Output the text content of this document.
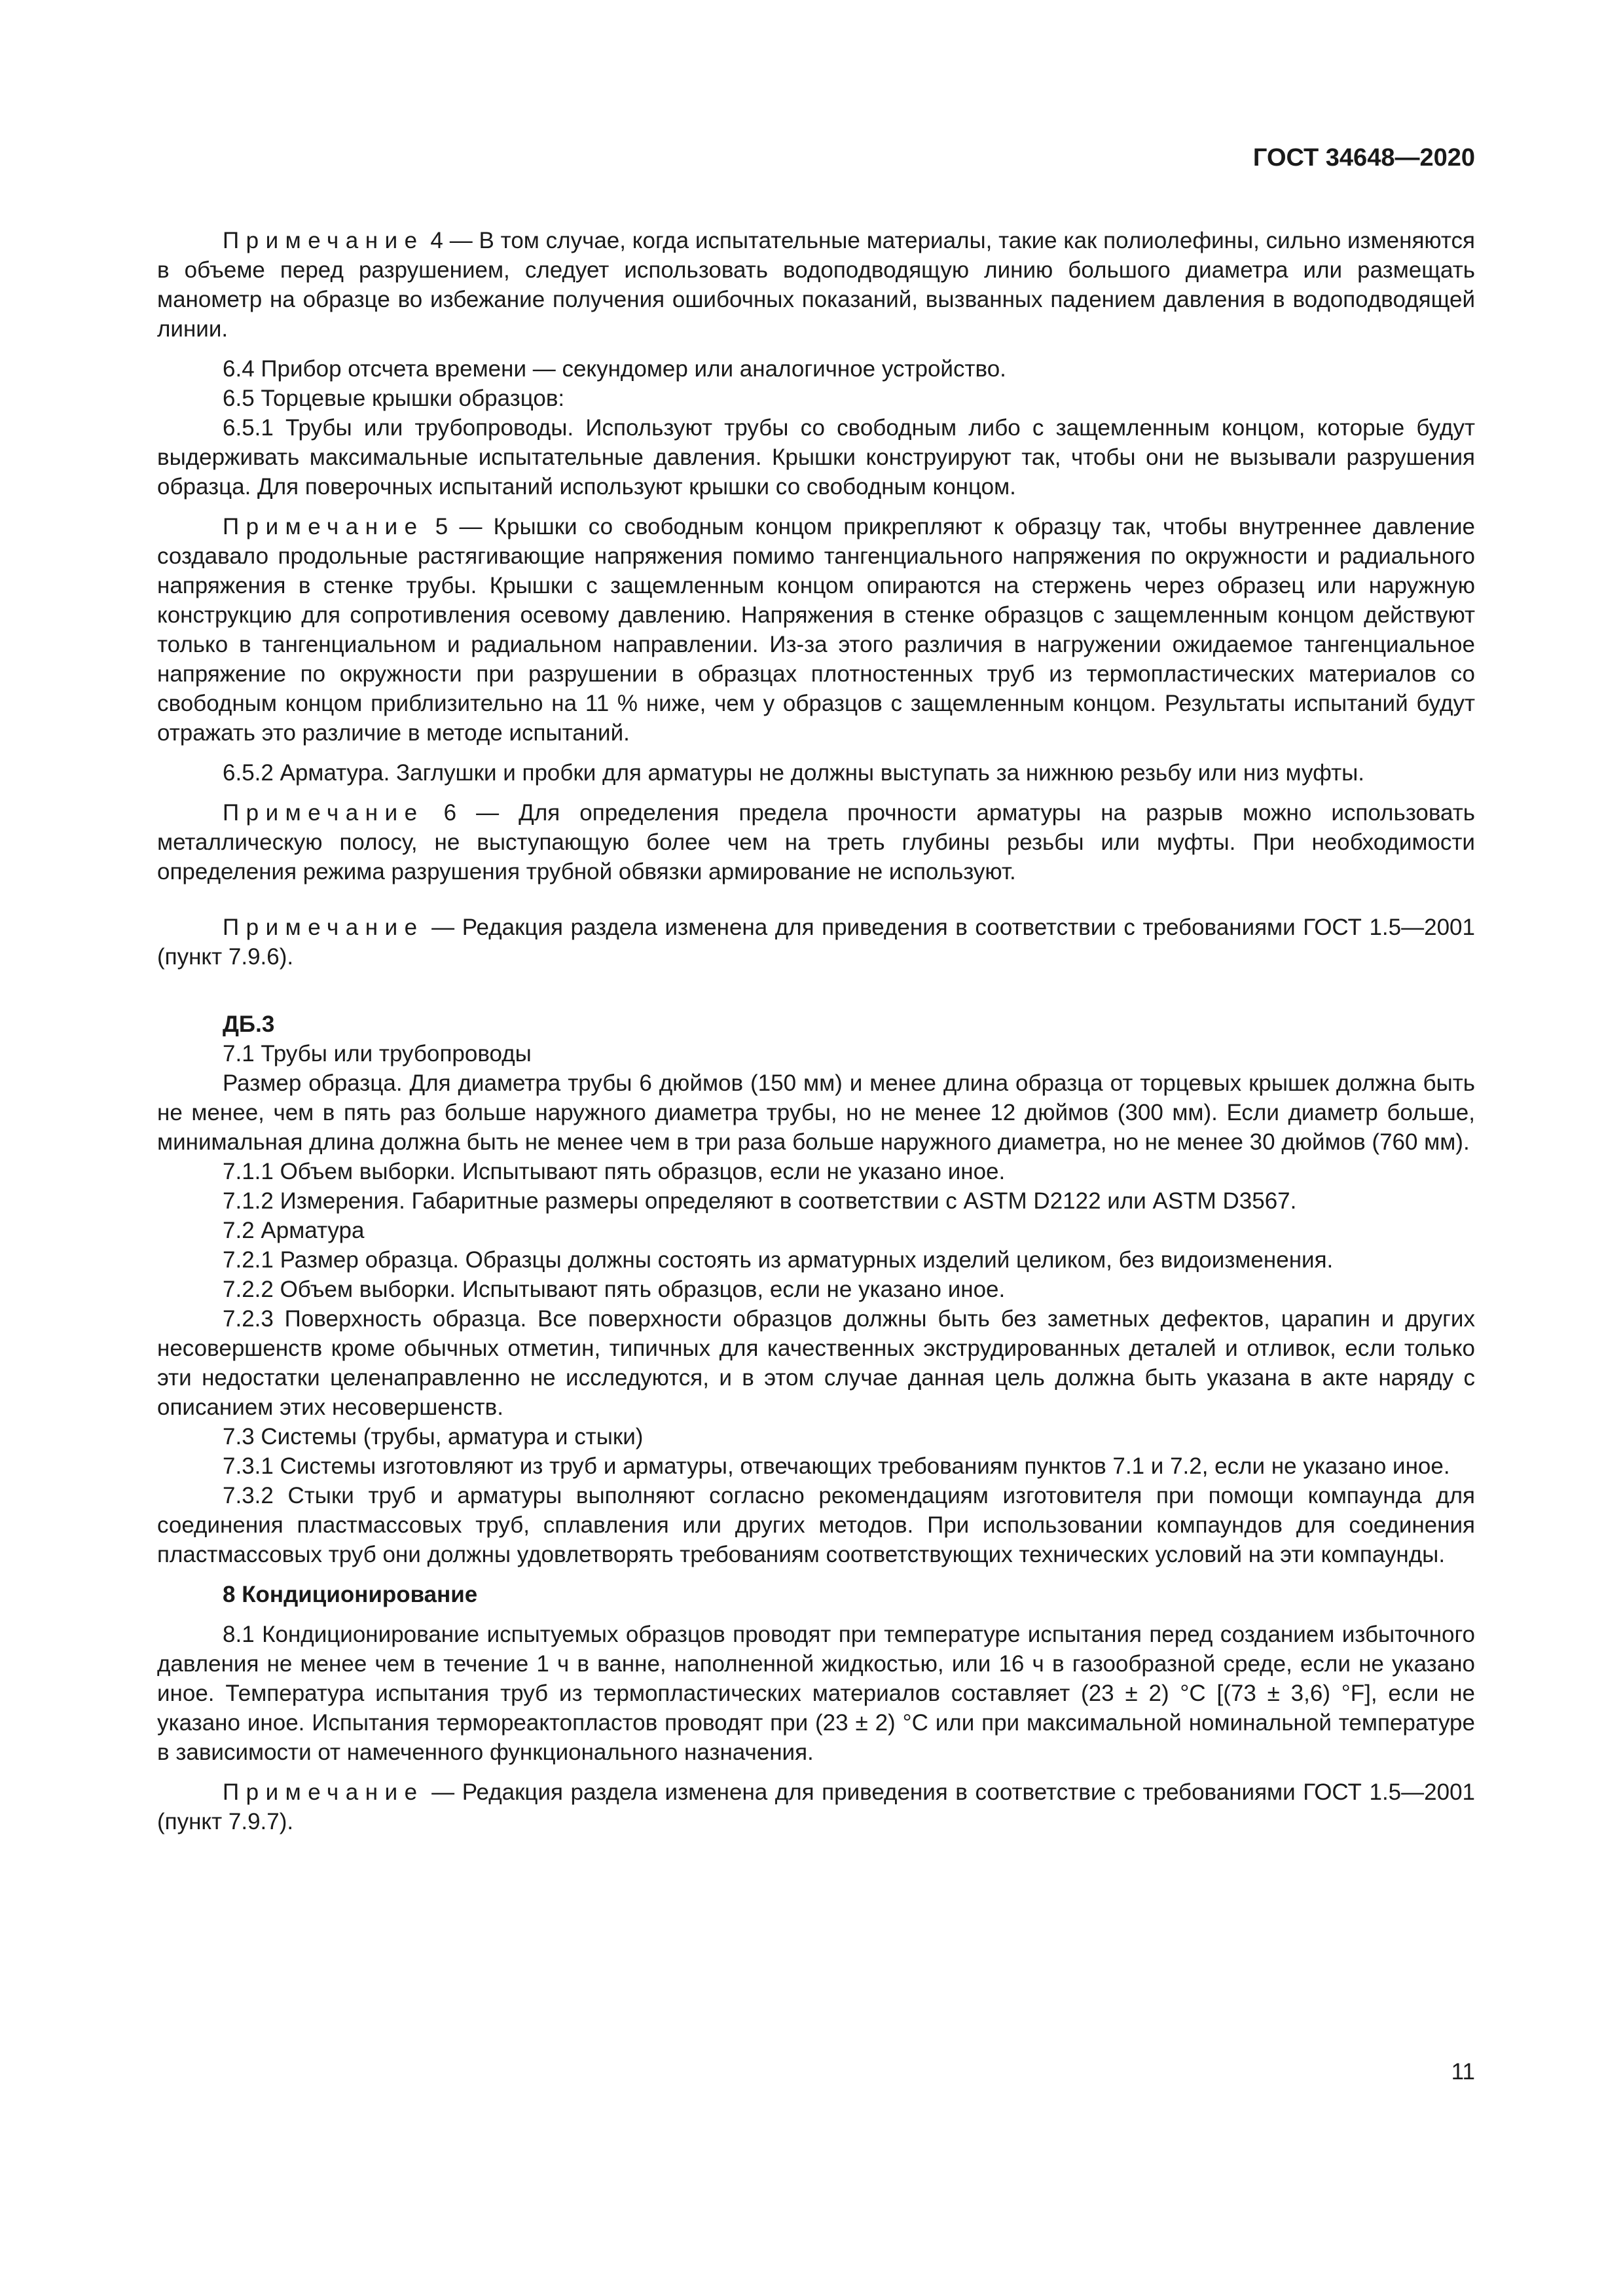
ГОСТ 34648—2020

Примечание 4 — В том случае, когда испытательные материалы, такие как полиолефины, сильно изменяются в объеме перед разрушением, следует использовать водоподводящую линию большого диаметра или размещать манометр на образце во избежание получения ошибочных показаний, вызванных падением давления в водоподводящей линии.

6.4 Прибор отсчета времени — секундомер или аналогичное устройство.

6.5 Торцевые крышки образцов:

6.5.1 Трубы или трубопроводы. Используют трубы со свободным либо с защемленным концом, которые будут выдерживать максимальные испытательные давления. Крышки конструируют так, чтобы они не вызывали разрушения образца. Для поверочных испытаний используют крышки со свободным концом.

Примечание 5 — Крышки со свободным концом прикрепляют к образцу так, чтобы внутреннее давление создавало продольные растягивающие напряжения помимо тангенциального напряжения по окружности и радиального напряжения в стенке трубы. Крышки с защемленным концом опираются на стержень через образец или наружную конструкцию для сопротивления осевому давлению. Напряжения в стенке образцов с защемленным концом действуют только в тангенциальном и радиальном направлении. Из-за этого различия в нагружении ожидаемое тангенциальное напряжение по окружности при разрушении в образцах плотностенных труб из термопластических материалов со свободным концом приблизительно на 11 % ниже, чем у образцов с защемленным концом. Результаты испытаний будут отражать это различие в методе испытаний.

6.5.2 Арматура. Заглушки и пробки для арматуры не должны выступать за нижнюю резьбу или низ муфты.

Примечание 6 — Для определения предела прочности арматуры на разрыв можно использовать металлическую полосу, не выступающую более чем на треть глубины резьбы или муфты. При необходимости определения режима разрушения трубной обвязки армирование не используют.

Примечание — Редакция раздела изменена для приведения в соответствии с требованиями ГОСТ 1.5—2001 (пункт 7.9.6).

ДБ.3

7.1 Трубы или трубопроводы

Размер образца. Для диаметра трубы 6 дюймов (150 мм) и менее длина образца от торцевых крышек должна быть не менее, чем в пять раз больше наружного диаметра трубы, но не менее 12 дюймов (300 мм). Если диаметр больше, минимальная длина должна быть не менее чем в три раза больше наружного диаметра, но не менее 30 дюймов (760 мм).

7.1.1 Объем выборки. Испытывают пять образцов, если не указано иное.

7.1.2 Измерения. Габаритные размеры определяют в соответствии с ASTM D2122 или ASTM D3567.

7.2 Арматура

7.2.1 Размер образца. Образцы должны состоять из арматурных изделий целиком, без видоизменения.

7.2.2 Объем выборки. Испытывают пять образцов, если не указано иное.

7.2.3 Поверхность образца. Все поверхности образцов должны быть без заметных дефектов, царапин и других несовершенств кроме обычных отметин, типичных для качественных экструдированных деталей и отливок, если только эти недостатки целенаправленно не исследуются, и в этом случае данная цель должна быть указана в акте наряду с описанием этих несовершенств.

7.3 Системы (трубы, арматура и стыки)

7.3.1 Системы изготовляют из труб и арматуры, отвечающих требованиям пунктов 7.1 и 7.2, если не указано иное.

7.3.2 Стыки труб и арматуры выполняют согласно рекомендациям изготовителя при помощи компаунда для соединения пластмассовых труб, сплавления или других методов. При использовании компаундов для соединения пластмассовых труб они должны удовлетворять требованиям соответствующих технических условий на эти компаунды.

8 Кондиционирование

8.1 Кондиционирование испытуемых образцов проводят при температуре испытания перед созданием избыточного давления не менее чем в течение 1 ч в ванне, наполненной жидкостью, или 16 ч в газообразной среде, если не указано иное. Температура испытания труб из термопластических материалов составляет (23 ± 2) °С [(73 ± 3,6) °F], если не указано иное. Испытания термореактопластов проводят при (23 ± 2) °С или при максимальной номинальной температуре в зависимости от намеченного функционального назначения.

Примечание — Редакция раздела изменена для приведения в соответствие с требованиями ГОСТ 1.5—2001 (пункт 7.9.7).

11
